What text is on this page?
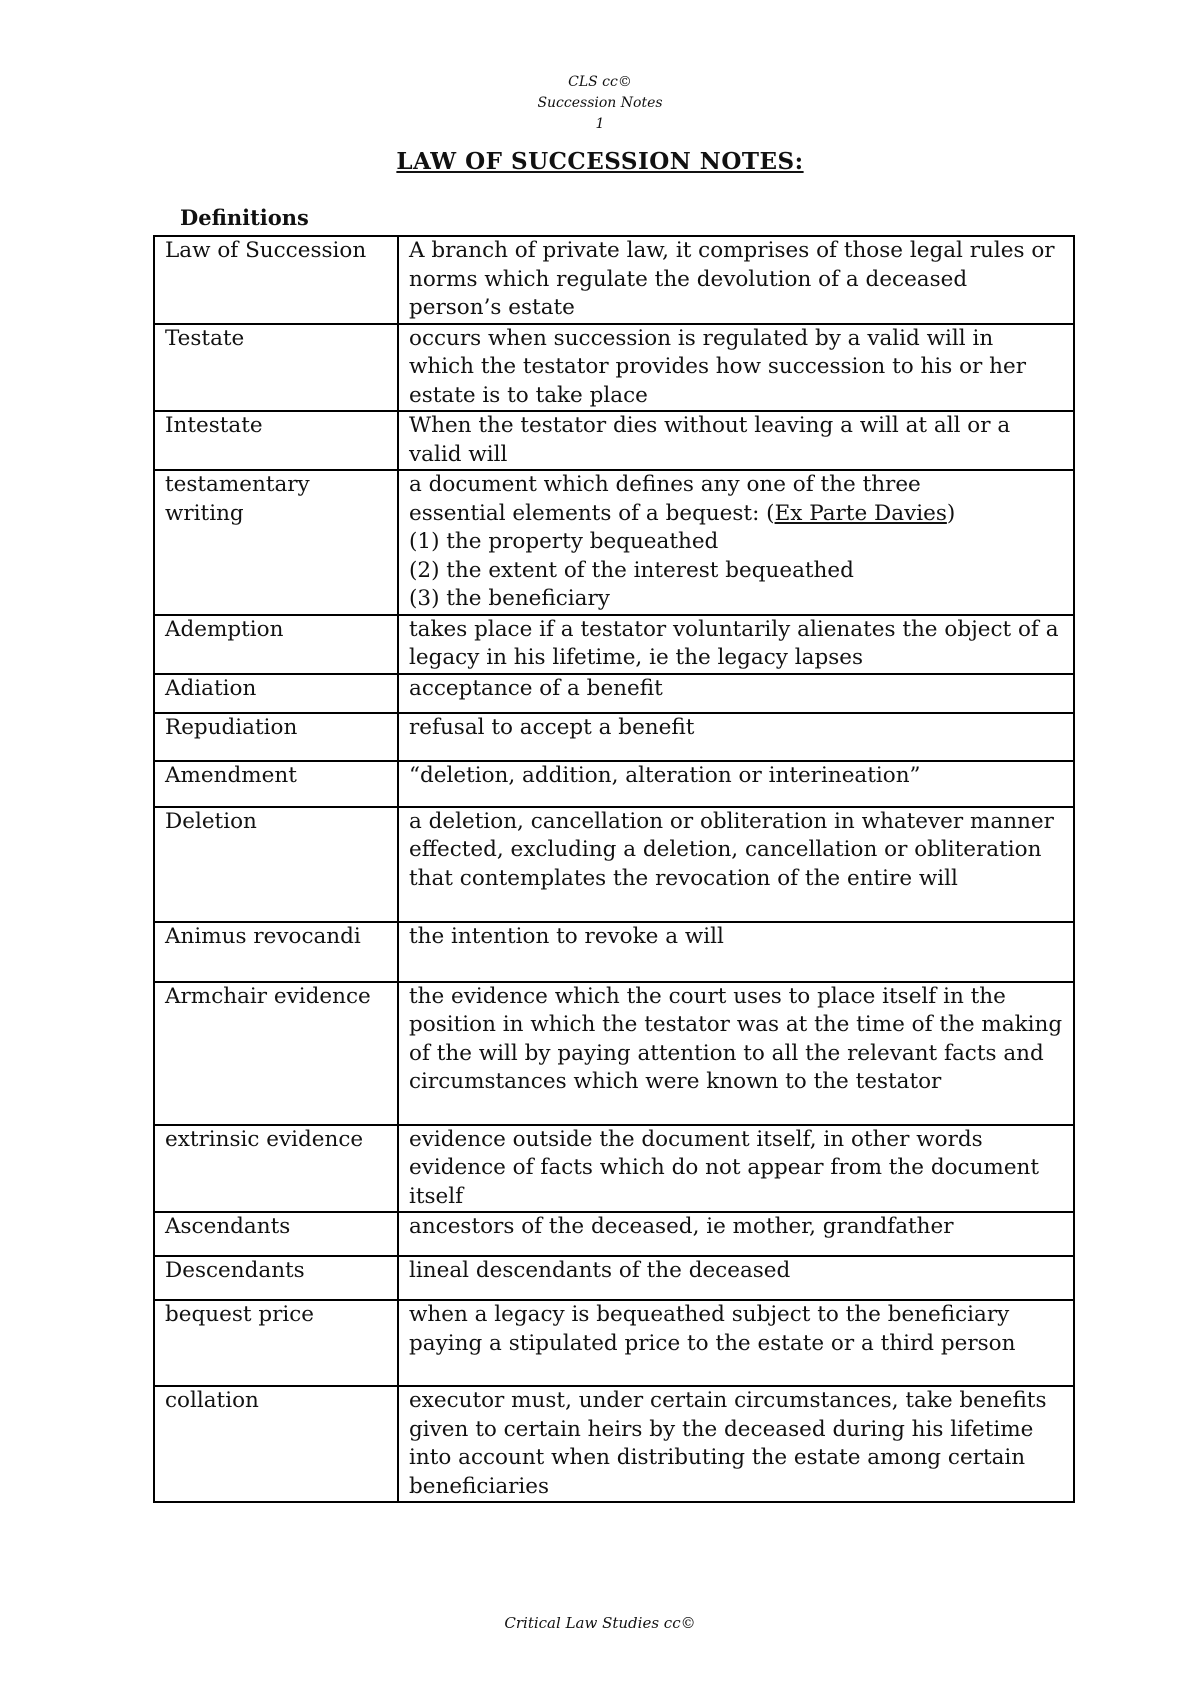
CLS cc©
Succession Notes
1
LAW OF SUCCESSION NOTES:
Definitions
Law of Succession	A branch of private law, it comprises of those legal rules or norms which regulate the devolution of a deceased person’s estate
Testate	occurs when succession is regulated by a valid will in which the testator provides how succession to his or her estate is to take place
Intestate	When the testator dies without leaving a will at all or a valid will
testamentary writing	a document which defines any one of the three
essential elements of a bequest: (Ex Parte Davies)
(1) the property bequeathed
(2) the extent of the interest bequeathed
(3) the beneficiary

Ademption	takes place if a testator voluntarily alienates the object of a legacy in his lifetime, ie the legacy lapses
Adiation	acceptance of a benefit
Repudiation	refusal to accept a benefit
Amendment	“deletion, addition, alteration or interineation”
Deletion	a deletion, cancellation or obliteration in whatever manner effected, excluding a deletion, cancellation or obliteration that contemplates the revocation of the entire will
Animus revocandi	the intention to revoke a will
Armchair evidence	the evidence which the court uses to place itself in the position in which the testator was at the time of the making of the will by paying attention to all the relevant facts and circumstances which were known to the testator
extrinsic evidence	evidence outside the document itself, in other words evidence of facts which do not appear from the document itself
Ascendants	ancestors of the deceased, ie mother, grandfather
Descendants	lineal descendants of the deceased
bequest price	when a legacy is bequeathed subject to the beneficiary paying a stipulated price to the estate or a third person
collation	executor must, under certain circumstances, take benefits given to certain heirs by the deceased during his lifetime into account when distributing the estate among certain beneficiaries
Critical Law Studies cc©
